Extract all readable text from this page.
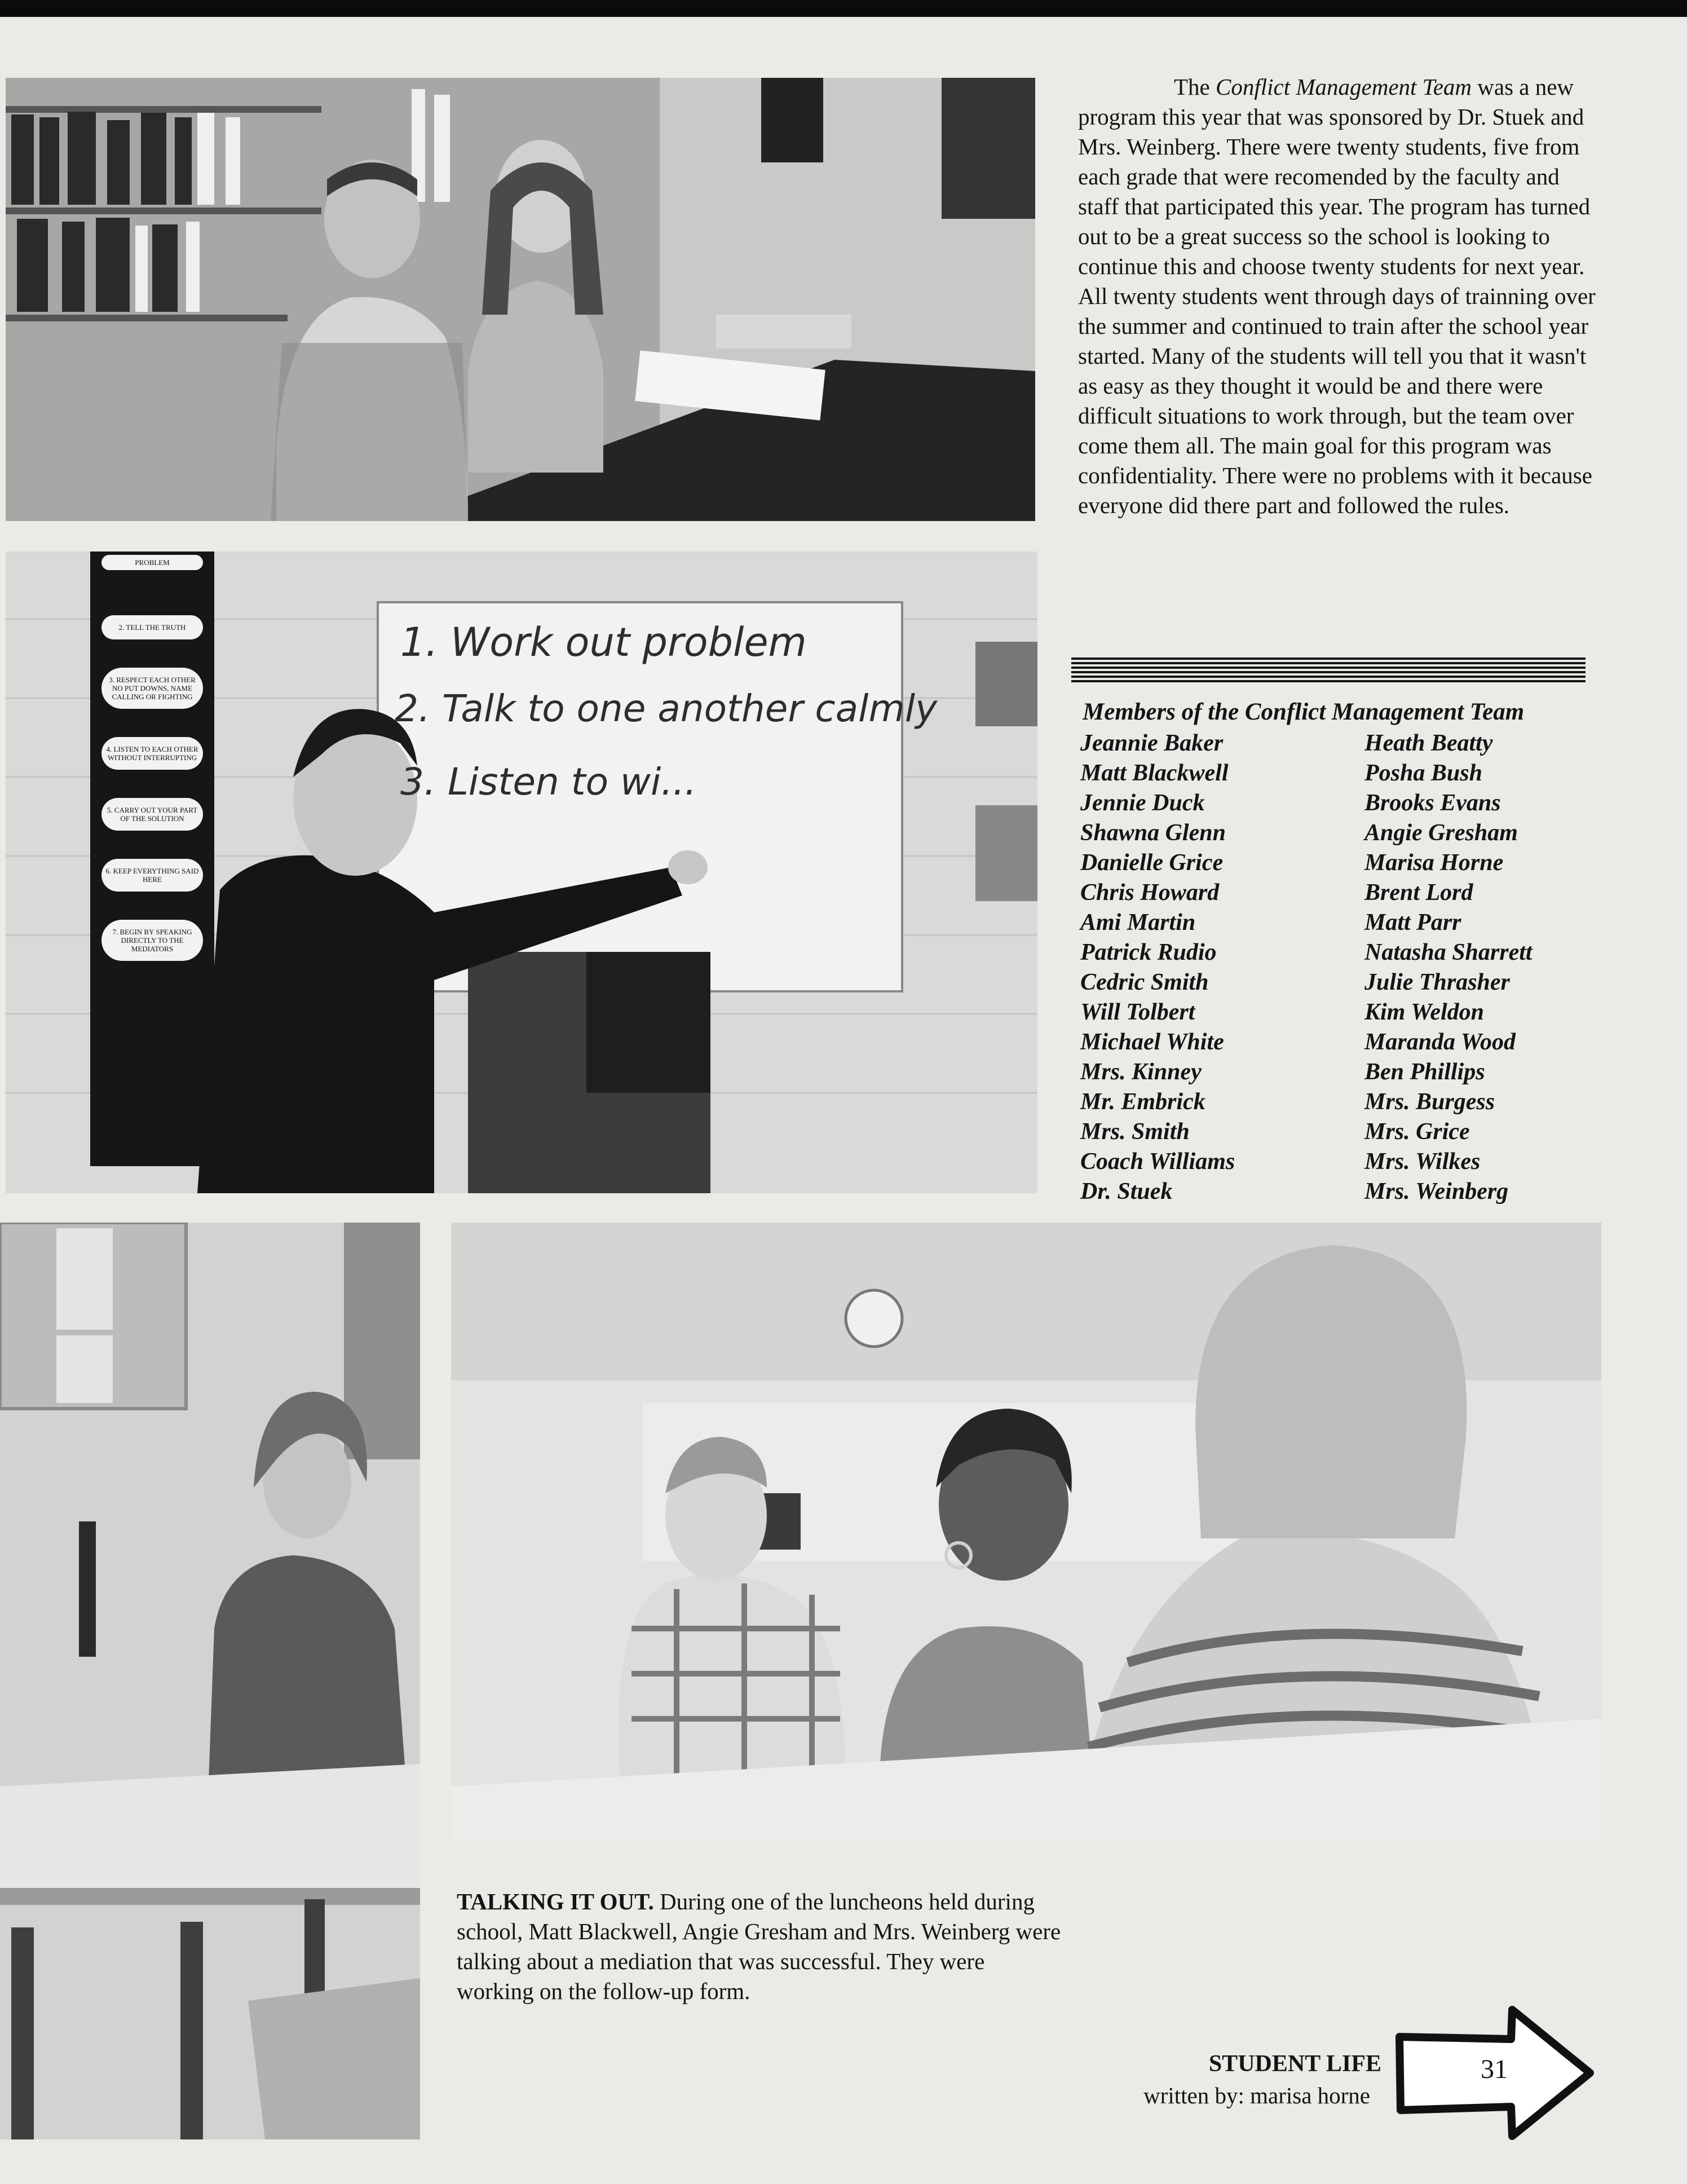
1. Work out problem
2. Talk to one another calmly
3. Listen to wi...
PROBLEM
2. TELL THE TRUTH
3. RESPECT EACH OTHER NO PUT DOWNS, NAME CALLING OR FIGHTING
4. LISTEN TO EACH OTHER WITHOUT INTERRUPTING
5. CARRY OUT YOUR PART OF THE SOLUTION
6. KEEP EVERYTHING SAID HERE
7. BEGIN BY SPEAKING DIRECTLY TO THE MEDIATORS

The Conflict Management Team was a new program this year that was sponsored by Dr. Stuek and Mrs. Weinberg. There were twenty students, five from each grade that were recomended by the faculty and staff that participated this year. The program has turned out to be a great success so the school is looking to continue this and choose twenty students for next year. All twenty students went through days of trainning over the summer and continued to train after the school year started. Many of the students will tell you that it wasn't as easy as they thought it would be and there were difficult situations to work through, but the team over come them all. The main goal for this program was confidentiality. There were no problems with it because everyone did there part and followed the rules.

Members of the Conflict Management Team

Jeannie Baker
Matt Blackwell
Jennie Duck
Shawna Glenn
Danielle Grice
Chris Howard
Ami Martin
Patrick Rudio
Cedric Smith
Will Tolbert
Michael White
Mrs. Kinney
Mr. Embrick
Mrs. Smith
Coach Williams
Dr. Stuek
Heath Beatty
Posha Bush
Brooks Evans
Angie Gresham
Marisa Horne
Brent Lord
Matt Parr
Natasha Sharrett
Julie Thrasher
Kim Weldon
Maranda Wood
Ben Phillips
Mrs. Burgess
Mrs. Grice
Mrs. Wilkes
Mrs. Weinberg

TALKING IT OUT. During one of the luncheons held during school, Matt Blackwell, Angie Gresham and Mrs. Weinberg were talking about a mediation that was successful. They were working on the follow-up form.

STUDENT LIFE
written by: marisa horne
31
